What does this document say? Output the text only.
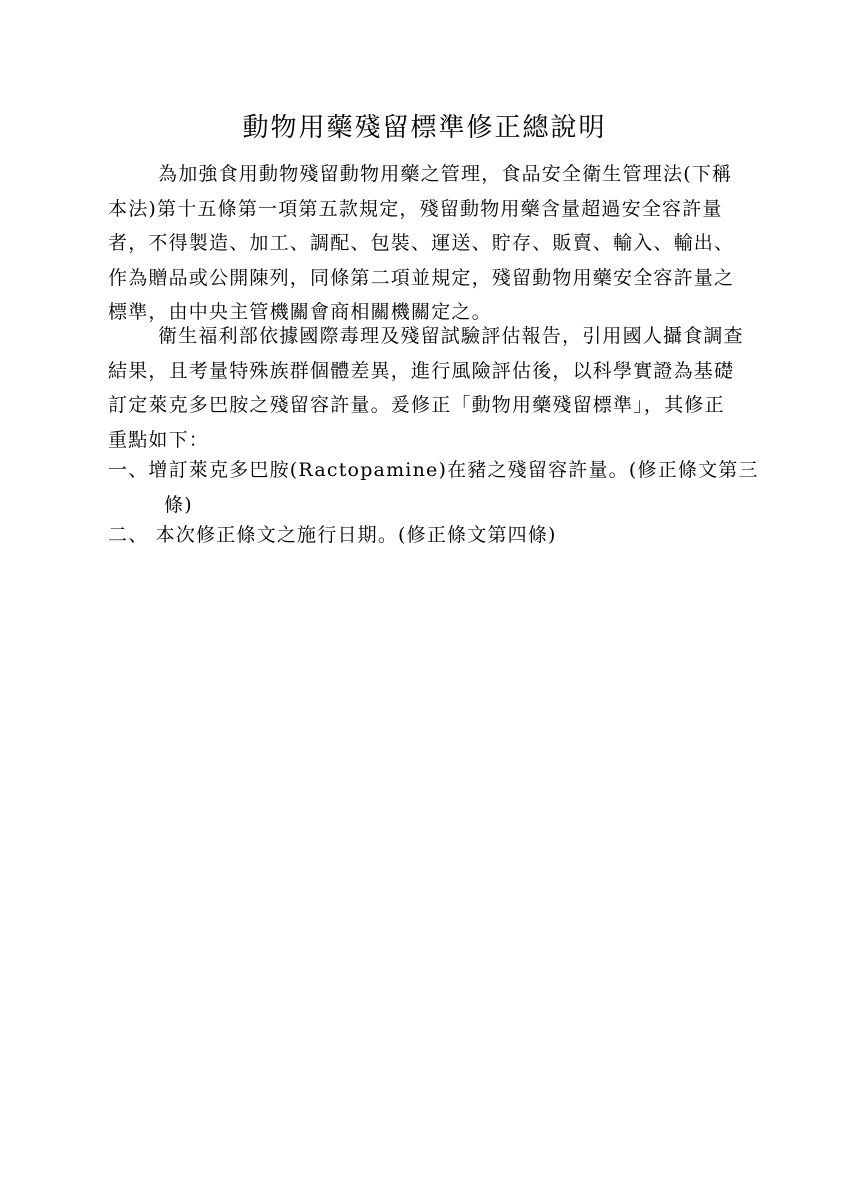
動物用藥殘留標準修正總說明
為加強食用動物殘留動物用藥之管理，食品安全衛生管理法(下稱
本法)第十五條第一項第五款規定，殘留動物用藥含量超過安全容許量
者，不得製造、加工、調配、包裝、運送、貯存、販賣、輸入、輸出、
作為贈品或公開陳列，同條第二項並規定，殘留動物用藥安全容許量之
標準，由中央主管機關會商相關機關定之。
衛生福利部依據國際毒理及殘留試驗評估報告，引用國人攝食調查
結果，且考量特殊族群個體差異，進行風險評估後，以科學實證為基礎
訂定萊克多巴胺之殘留容許量。爰修正「動物用藥殘留標準」，其修正
重點如下：
一、增訂萊克多巴胺(Ractopamine)在豬之殘留容許量。(修正條文第三
條)
二、 本次修正條文之施行日期。(修正條文第四條)
